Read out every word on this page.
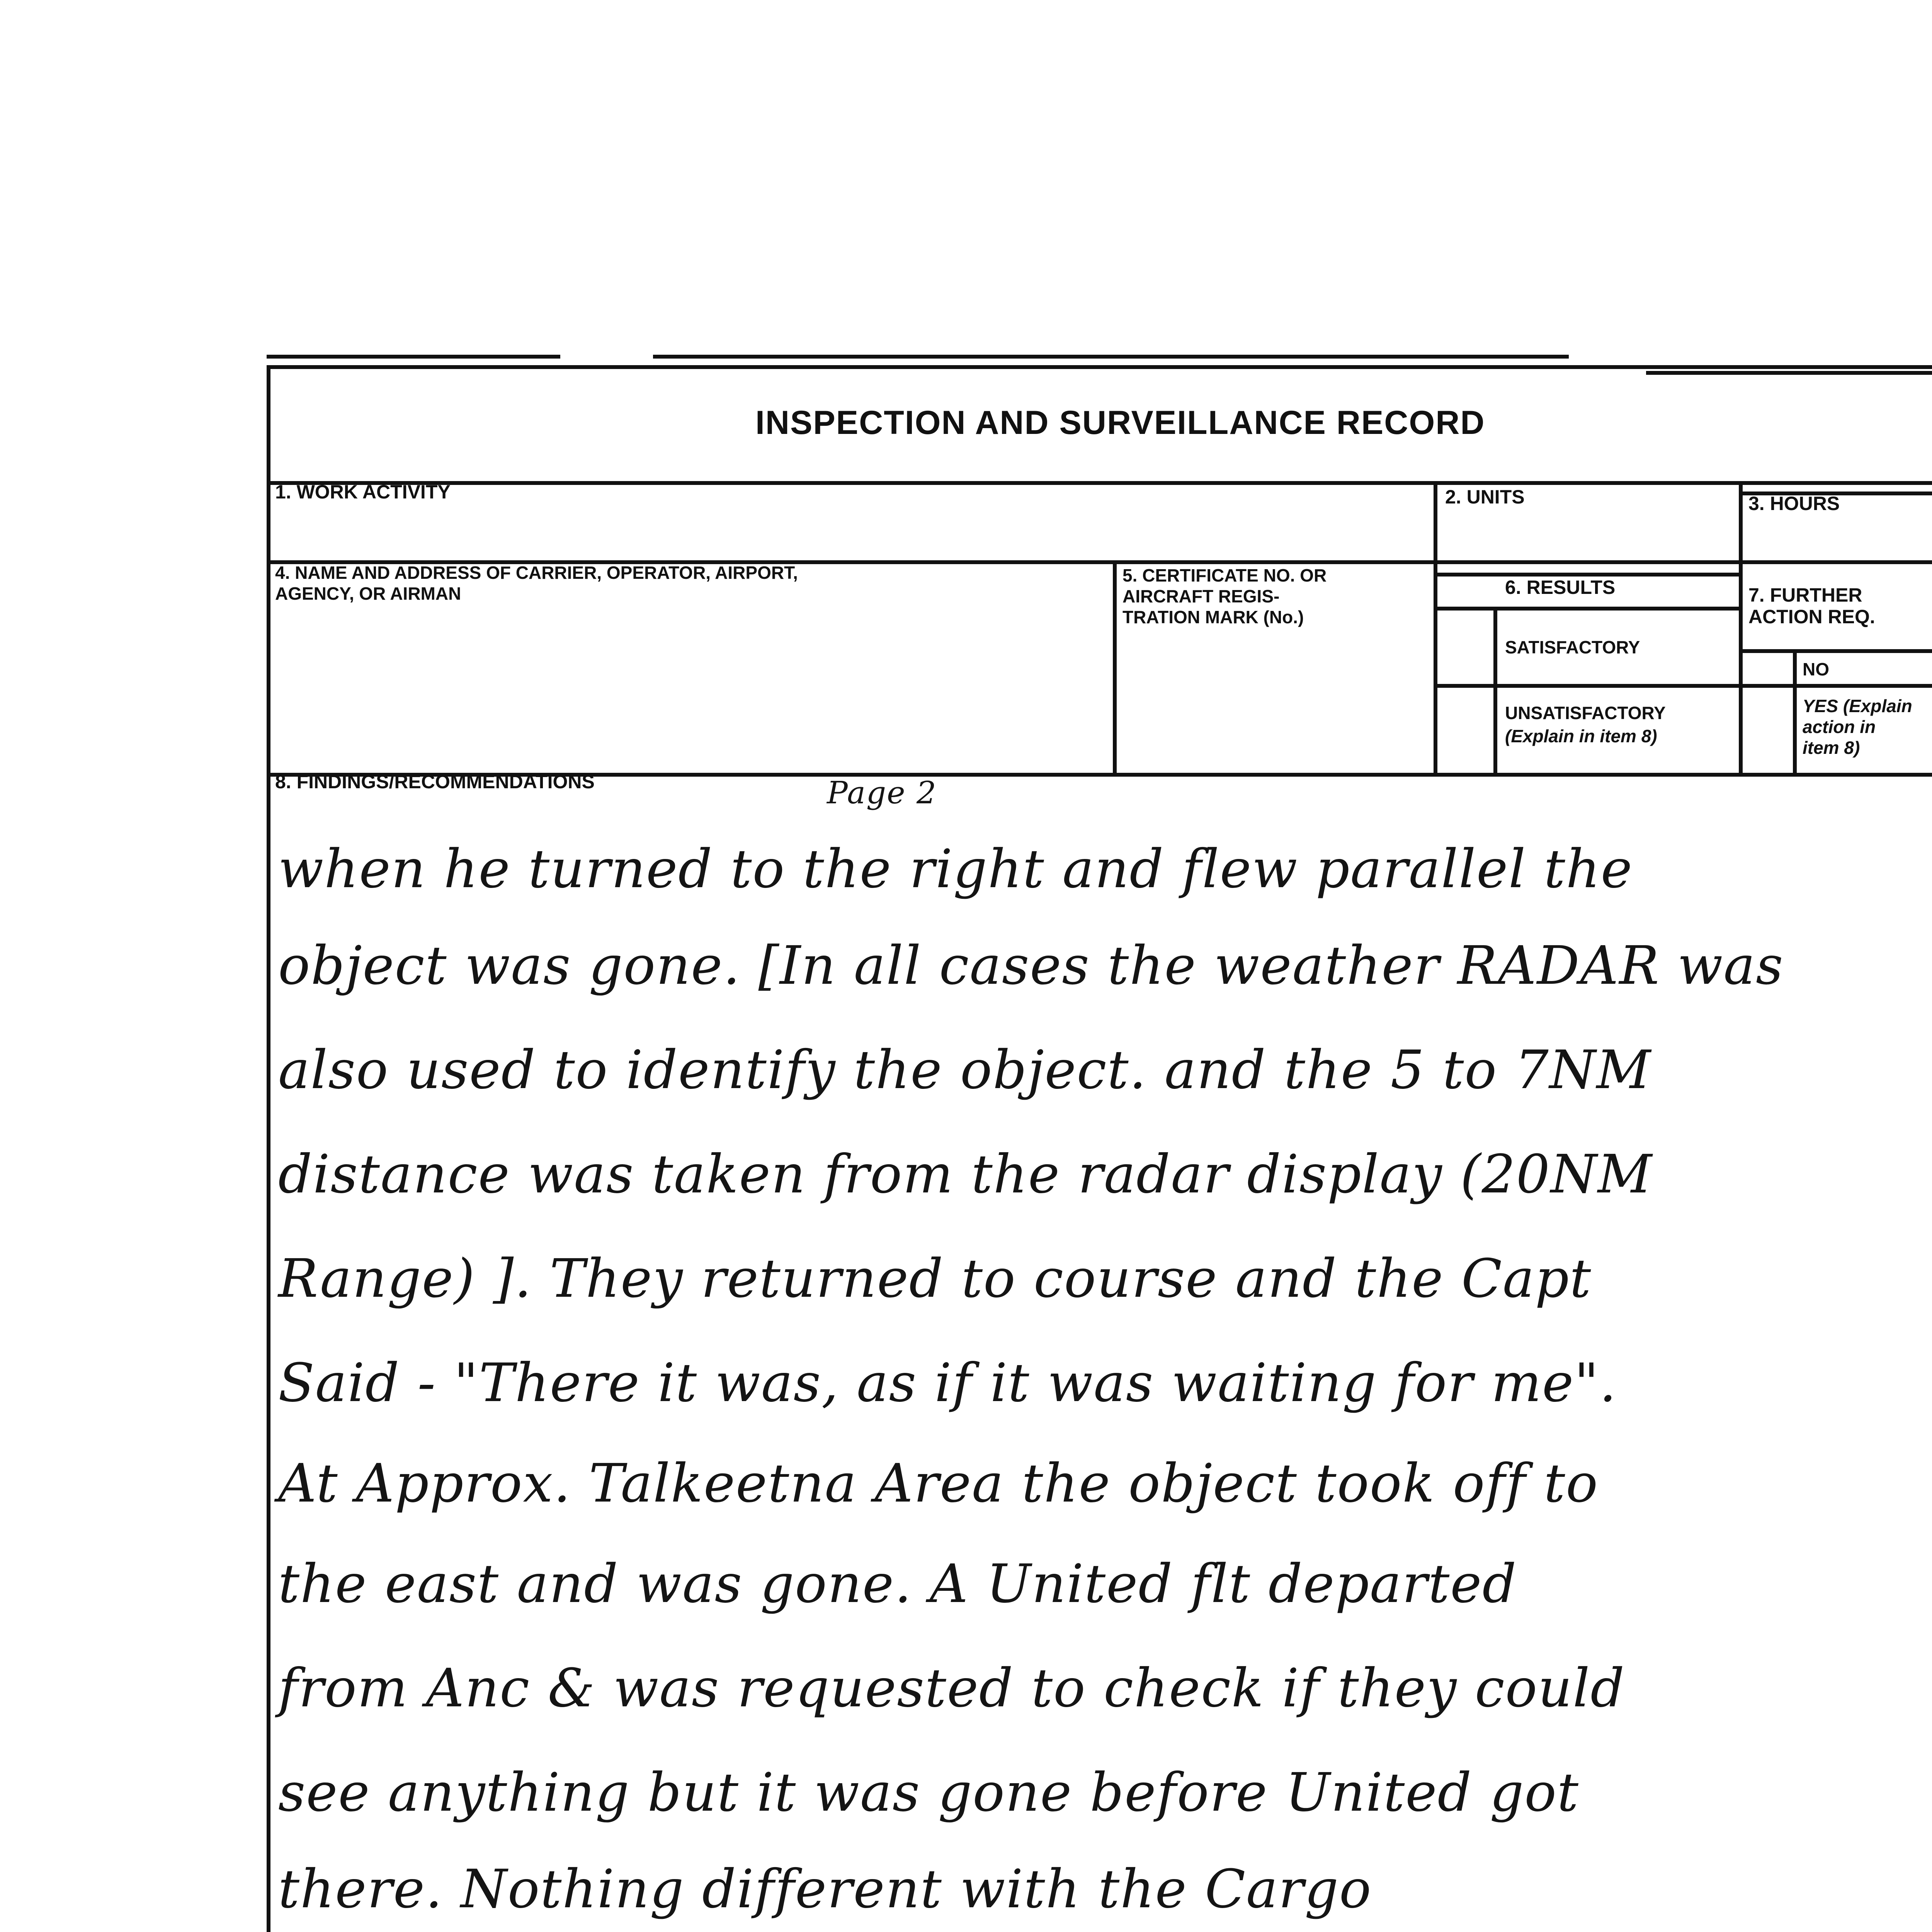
INSPECTION AND SURVEILLANCE RECORD
1. WORK ACTIVITY	2. UNITS	3. HOURS
4. NAME AND ADDRESS OF CARRIER, OPERATOR, AIRPORT,
AGENCY, OR AIRMAN
5. CERTIFICATE NO. OR
AIRCRAFT REGIS-
TRATION MARK (No.)
6. RESULTS
SATISFACTORY
UNSATISFACTORY
(Explain in item 8)
7. FURTHER
ACTION REQ.
NO
YES (Explain
action in
item 8)
8. FINDINGS/RECOMMENDATIONS	Page 2
when he turned to the right and flew parallel the
object was gone. [In all cases the weather RADAR was
also used to identify the object. and the 5 to 7NM
distance was taken from the radar display (20NM
Range) ]. They returned to course and the Capt
Said - "There it was, as if it was waiting for me".
At Approx. Talkeetna Area the object took off to
the east and was gone. A United flt departed
from Anc & was requested to check if they could
see anything but it was gone before United got
there. Nothing different with the Cargo
